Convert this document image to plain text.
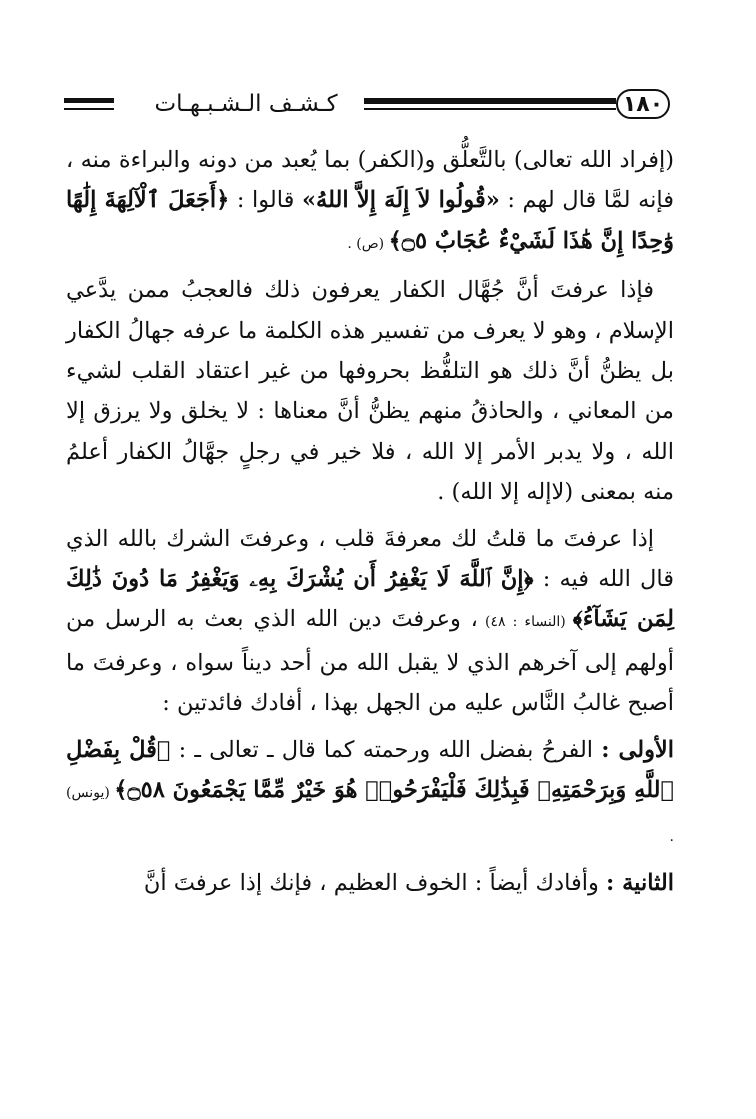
كـشـف الـشـبـهـات	١٨٠

(إفراد الله تعالى) بالتَّعلُّق و(الكفر) بما يُعبد من دونه والبراءة منه ، فإنه لمَّا قال لهم : «قُولُوا لاَ إِلَهَ إِلاَّ اللهُ» قالوا : ﴿أَجَعَلَ ٱلْآلِهَةَ إِلَٰهًا وَٰحِدًا إِنَّ هَٰذَا لَشَيْءٌ عُجَابٌ ۝٥﴾ (ص) .

فإذا عرفتَ أنَّ جُهَّال الكفار يعرفون ذلك فالعجبُ ممن يدَّعي الإسلام ، وهو لا يعرف من تفسير هذه الكلمة ما عرفه جهالُ الكفار بل يظنُّ أنَّ ذلك هو التلفُّظ بحروفها من غير اعتقاد القلب لشيء من المعاني ، والحاذقُ منهم يظنُّ أنَّ معناها : لا يخلق ولا يرزق إلا الله ، ولا يدبر الأمر إلا الله ، فلا خير في رجلٍ جهَّالُ الكفار أعلمُ منه بمعنى (لاإله إلا الله) .

إذا عرفتَ ما قلتُ لك معرفةَ قلب ، وعرفتَ الشرك بالله الذي قال الله فيه : ﴿إِنَّ ٱللَّهَ لَا يَغْفِرُ أَن يُشْرَكَ بِهِۦ وَيَغْفِرُ مَا دُونَ ذَٰلِكَ لِمَن يَشَآءُ﴾ (النساء : ٤٨) ، وعرفتَ دين الله الذي بعث به الرسل من أولهم إلى آخرهم الذي لا يقبل الله من أحد ديناً سواه ، وعرفتَ ما أصبح غالبُ النَّاس عليه من الجهل بهذا ، أفادك فائدتين :

الأولى : الفرحُ بفضل الله ورحمته كما قال ـ تعالى ـ : ﴿قُلْ بِفَضْلِ ٱللَّهِ وَبِرَحْمَتِهِۦ فَبِذَٰلِكَ فَلْيَفْرَحُوا۟ هُوَ خَيْرٌ مِّمَّا يَجْمَعُونَ ۝٥٨﴾ (يونس) .

الثانية : وأفادك أيضاً : الخوف العظيم ، فإنك إذا عرفتَ أنَّ
